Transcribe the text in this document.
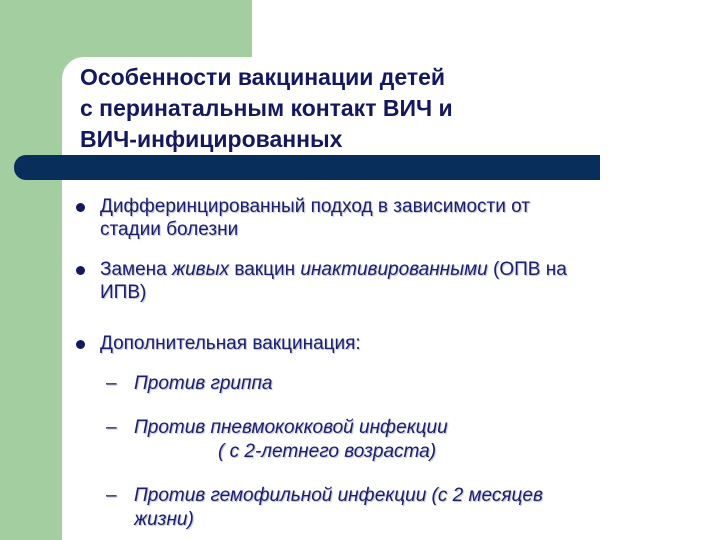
Особенности вакцинации детей
с перинатальным контакт ВИЧ и
ВИЧ-инфицированных
Дифферинцированный подход в зависимости от
стадии болезни
Замена живых вакцин инактивированными (ОПВ на
ИПВ)
Дополнительная вакцинация:
– Против гриппа
– Против пневмококковой инфекции
( с 2-летнего возраста)
– Против гемофильной инфекции (с 2 месяцев
жизни)
